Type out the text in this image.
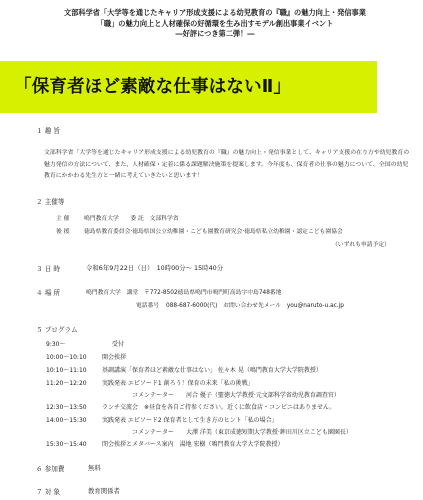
文部科学省「大学等を通じたキャリア形成支援による幼児教育の『職』の魅力向上・発信事業
「職」の魅力向上と人材確保の好循環を生み出すモデル創出事業イベント
―好評につき第二弾！―
「保育者ほど素敵な仕事はないⅡ」
１ 趣 旨
文部科学省「大学等を通じたキャリア形成支援による幼児教育の『職』の魅力向上・発信事業として、キャリア支援の在り方や幼児教育の魅力発信の方法について、また、人材確保・定着に係る課題解決施策を提案します。今年度も、保育者の仕事の魅力について、全国の幼児教育にかかわる先生方と一緒に考えていきたいと思います！
２ 主催等
主 催	鳴門教育大学　　委 託　文部科学省
後 援	徳島県教育委員会·徳島県国公立幼稚園・こども園教育研究会·徳島県私立幼稚園・認定こども園協会
（いずれも申請予定）
３ 日 時	令和6年9月22日（日）　10時00分～ 15時40分
４ 場 所	鳴門教育大学　講堂　〒772-8502徳島県鳴門市鳴門町高島字中島748番地
電話番号 088-687-6000(代)　お問い合わせ先メール　you@naruto-u.ac.jp
５ プログラム
9:30～	受付
10:00～10:10	開会挨拶
10:10～11:10	基調講演「保育者ほど素敵な仕事はない」 佐々木 晃（鳴門教育大学大学院教授）
11:20～12:20	実践発表 エピソード1 創ろう！保育の未来「私の挑戦」
コメンテーター　　河合 優子（聖徳大学教授·元文部科学省幼児教育調査官）
12:30～13:50	ランチ交流会　※昼食を各自ご持参ください。近くに飲食店・コンビニはありません。
14:00～15:30	実践発表 エピソード2 保育者として生き方のヒント「私の場合」
コメンテーター　　大澤 洋美（東京成徳短期大学教授·鉾田川区立こども園園長）
15:30～15:40	閉会挨拶とメタバース案内　湯地 宏樹（鳴門教育大学大学院教授）
６ 参加費	無料
７ 対 象	教育関係者
